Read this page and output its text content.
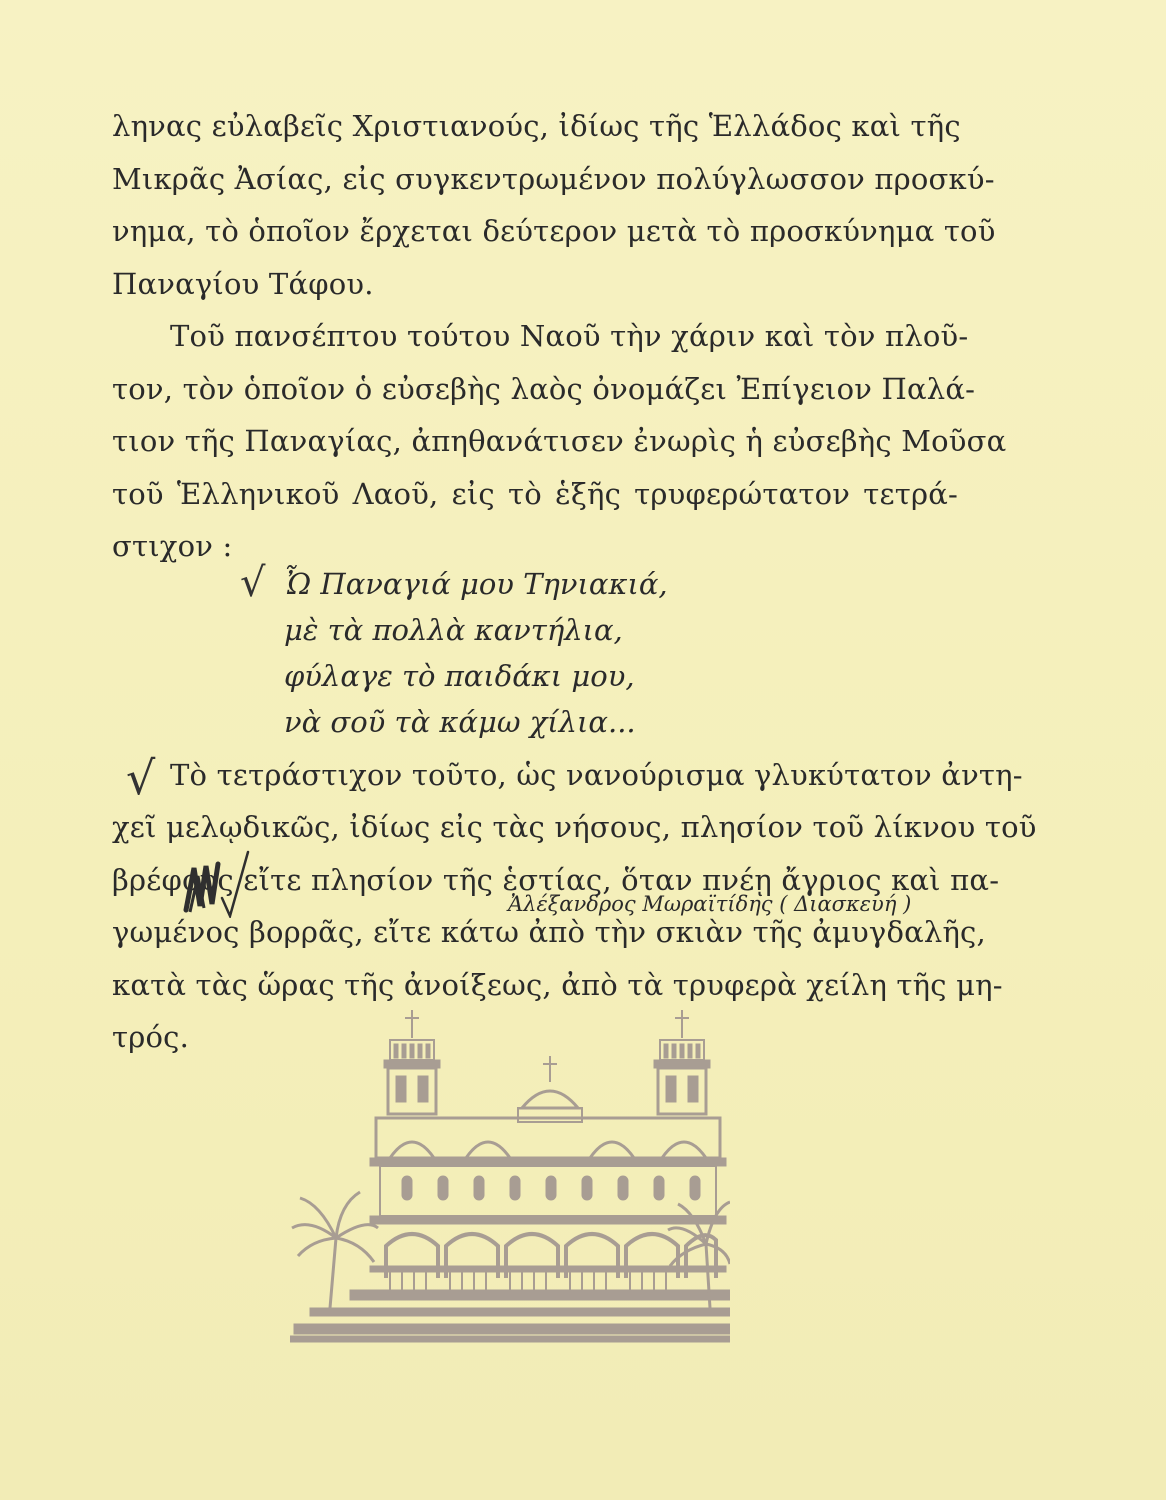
ληνας εὐλαβεῖς Χριστιανούς, ἰδίως τῆς Ἑλλάδος καὶ τῆς
Μικρᾶς Ἀσίας, εἰς συγκεντρωμένον πολύγλωσσον προσκύ-
νημα, τὸ ὁποῖον ἔρχεται δεύτερον μετὰ τὸ προσκύνημα τοῦ
Παναγίου Τάφου.
Τοῦ πανσέπτου τούτου Ναοῦ τὴν χάριν καὶ τὸν πλοῦ-
τον, τὸν ὁποῖον ὁ εὐσεβὴς λαὸς ὀνομάζει Ἐπίγειον Παλά-
τιον τῆς Παναγίας, ἀπηθανάτισεν ἐνωρὶς ἡ εὐσεβὴς Μοῦσα
τοῦ Ἑλληνικοῦ Λαοῦ, εἰς τὸ ἑξῆς τρυφερώτατον τετρά-
στιχον :
√ Ὦ Παναγιά μου Τηνιακιά,
μὲ τὰ πολλὰ καντήλια,
φύλαγε τὸ παιδάκι μου,
νὰ σοῦ τὰ κάμω χίλια...
√ Τὸ τετράστιχον τοῦτο, ὡς νανούρισμα γλυκύτατον ἀντη-
χεῖ μελῳδικῶς, ἰδίως εἰς τὰς νήσους, πλησίον τοῦ λίκνου τοῦ
βρέφους εἴτε πλησίον τῆς ἑστίας, ὅταν πνέῃ ἄγριος καὶ πα-
γωμένος βορρᾶς, εἴτε κάτω ἀπὸ τὴν σκιὰν τῆς ἀμυγδαλῆς,
κατὰ τὰς ὥρας τῆς ἀνοίξεως, ἀπὸ τὰ τρυφερὰ χείλη τῆς μη-
τρός.
Ἀλέξανδρος Μωραϊτίδης ( Διασκευή )
